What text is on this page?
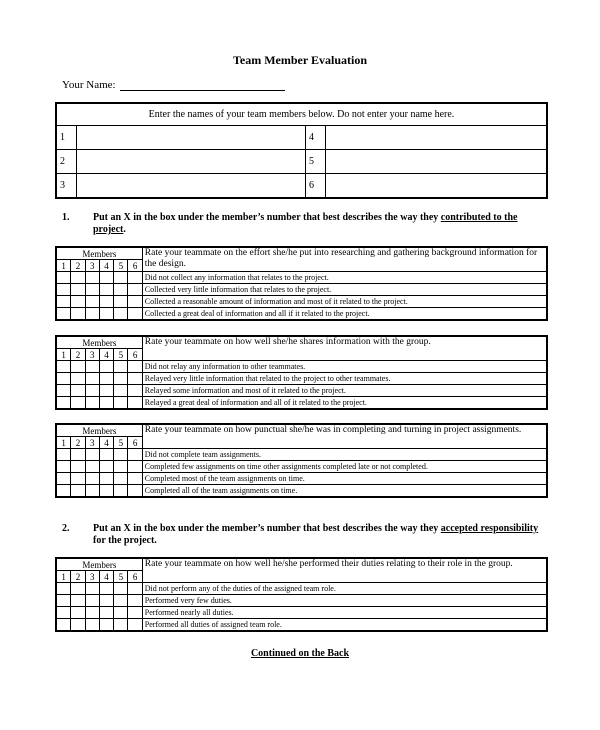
Team Member Evaluation
Your Name:
Enter the names of your team members below. Do not enter your name here.			
1		4	
2		5	
3		6	
1.	Put an X in the box under the member’s number that best describes the way they contributed to the project.
Members						Rate your teammate on the effort she/he put into researching and gathering background information for the design.
1	2	3	4	5	6	
						Did not collect any information that relates to the project.
						Collected very little information that relates to the project.
						Collected a reasonable amount of information and most of it related to the project.
						Collected a great deal of information and all if it related to the project.
Members						Rate your teammate on how well she/he shares information with the group.
1	2	3	4	5	6	
						Did not relay any information to other teammates.
						Relayed very little information that related to the project to other teammates.
						Relayed some information and most of it related to the project.
						Relayed a great deal of information and all of it related to the project.
Members						Rate your teammate on how punctual she/he was in completing and turning in project assignments.
1	2	3	4	5	6	
						Did not complete team assignments.
						Completed few assignments on time other assignments completed late or not completed.
						Completed most of the team assignments on time.
						Completed all of the team assignments on time.
Members						Rate your teammate on how well he/she performed their duties relating to their role in the group.
1	2	3	4	5	6	
						Did not perform any of the duties of the assigned team role.
						Performed very few duties.
						Performed nearly all duties.
						Performed all duties of assigned team role.
2.	Put an X in the box under the member’s number that best describes the way they accepted responsibility for the project.
Continued on the Back
